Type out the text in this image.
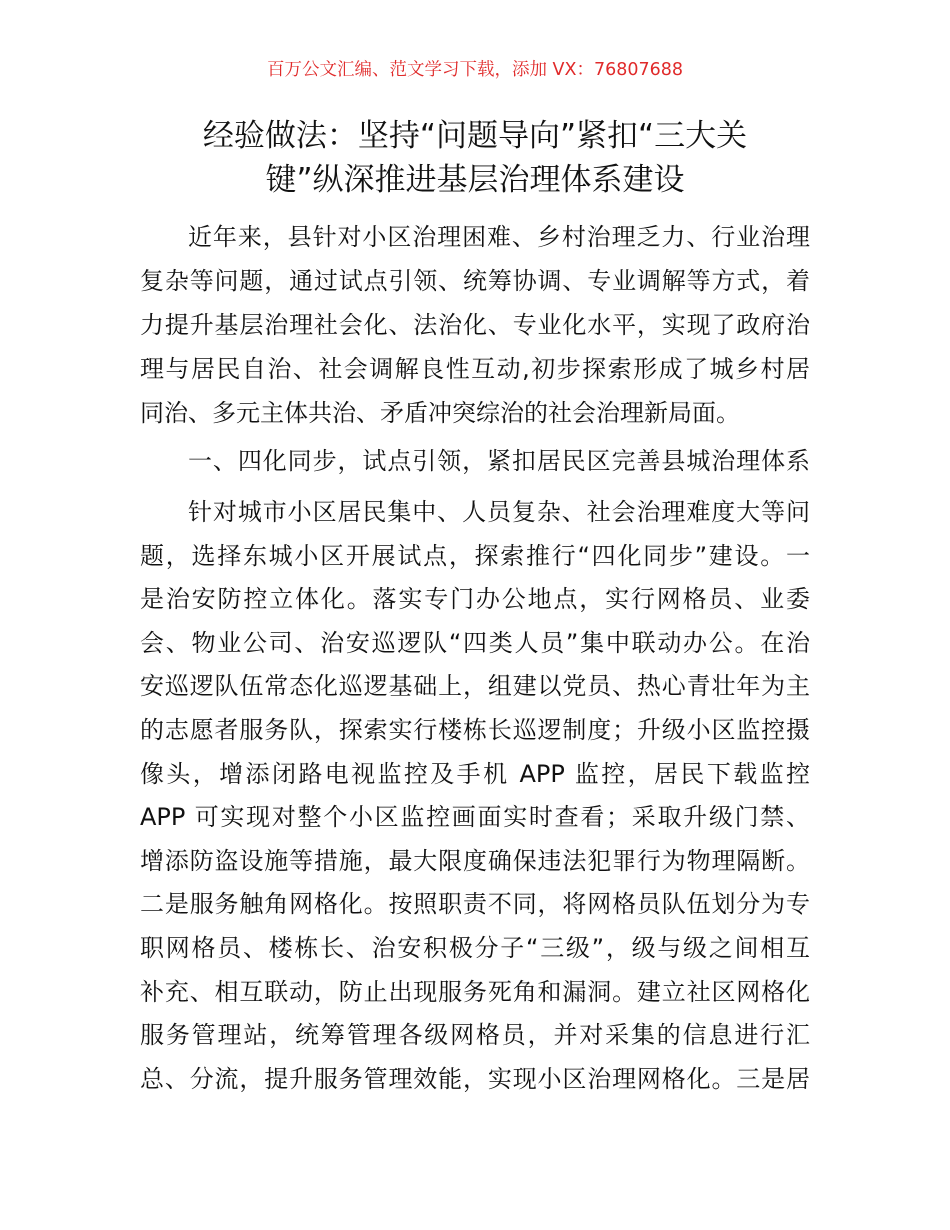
百万公文汇编、范文学习下载，添加 VX：76807688
经验做法：坚持“问题导向”紧扣“三大关
键”纵深推进基层治理体系建设
近年来，县针对小区治理困难、乡村治理乏力、行业治理
复杂等问题，通过试点引领、统筹协调、专业调解等方式，着
力提升基层治理社会化、法治化、专业化水平，实现了政府治
理与居民自治、社会调解良性互动,初步探索形成了城乡村居
同治、多元主体共治、矛盾冲突综治的社会治理新局面。
一、四化同步，试点引领，紧扣居民区完善县城治理体系
针对城市小区居民集中、人员复杂、社会治理难度大等问
题，选择东城小区开展试点，探索推行“四化同步”建设。一
是治安防控立体化。落实专门办公地点，实行网格员、业委
会、物业公司、治安巡逻队“四类人员”集中联动办公。在治
安巡逻队伍常态化巡逻基础上，组建以党员、热心青壮年为主
的志愿者服务队，探索实行楼栋长巡逻制度；升级小区监控摄
像头，增添闭路电视监控及手机 APP 监控，居民下载监控
APP 可实现对整个小区监控画面实时查看；采取升级门禁、
增添防盗设施等措施，最大限度确保违法犯罪行为物理隔断。
二是服务触角网格化。按照职责不同，将网格员队伍划分为专
职网格员、楼栋长、治安积极分子“三级”，级与级之间相互
补充、相互联动，防止出现服务死角和漏洞。建立社区网格化
服务管理站，统筹管理各级网格员，并对采集的信息进行汇
总、分流，提升服务管理效能，实现小区治理网格化。三是居
